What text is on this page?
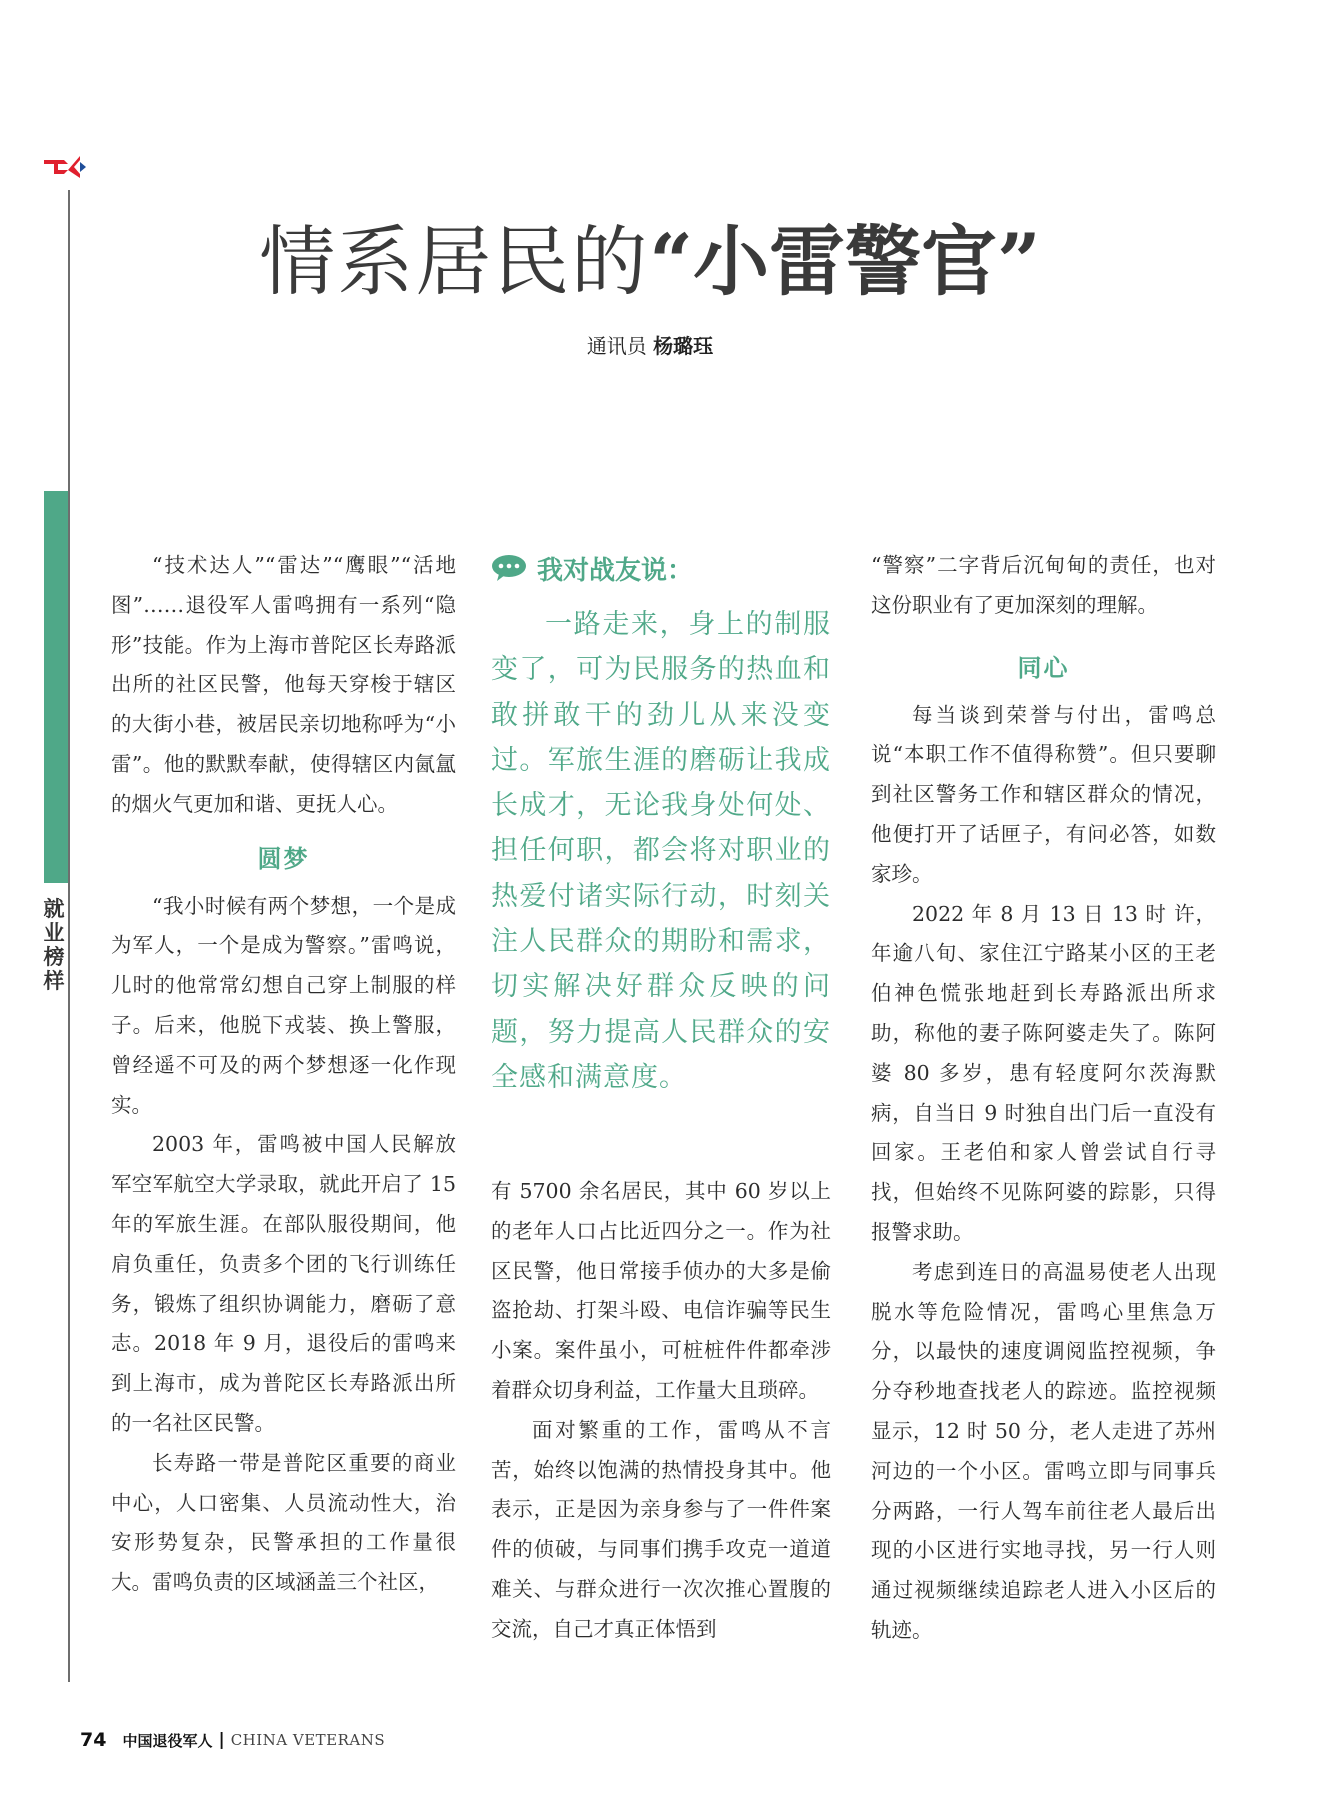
就
业
榜
样
情系居民的“小雷警官”
通讯员 杨璐珏

“技术达人”“雷达”“鹰眼”“活地图”……退役军人雷鸣拥有一系列“隐形”技能。作为上海市普陀区长寿路派出所的社区民警，他每天穿梭于辖区的大街小巷，被居民亲切地称呼为“小雷”。他的默默奉献，使得辖区内氤氲的烟火气更加和谐、更抚人心。

圆梦

“我小时候有两个梦想，一个是成为军人，一个是成为警察。”雷鸣说，儿时的他常常幻想自己穿上制服的样子。后来，他脱下戎装、换上警服，曾经遥不可及的两个梦想逐一化作现实。

2003 年，雷鸣被中国人民解放军空军航空大学录取，就此开启了 15 年的军旅生涯。在部队服役期间，他肩负重任，负责多个团的飞行训练任务，锻炼了组织协调能力，磨砺了意志。2018 年 9 月，退役后的雷鸣来到上海市，成为普陀区长寿路派出所的一名社区民警。

长寿路一带是普陀区重要的商业中心，人口密集、人员流动性大，治安形势复杂，民警承担的工作量很大。雷鸣负责的区域涵盖三个社区，

我对战友说：

一路走来，身上的制服变了，可为民服务的热血和敢拼敢干的劲儿从来没变过。军旅生涯的磨砺让我成长成才，无论我身处何处、担任何职，都会将对职业的热爱付诸实际行动，时刻关注人民群众的期盼和需求，切实解决好群众反映的问题，努力提高人民群众的安全感和满意度。

有 5700 余名居民，其中 60 岁以上的老年人口占比近四分之一。作为社区民警，他日常接手侦办的大多是偷盗抢劫、打架斗殴、电信诈骗等民生小案。案件虽小，可桩桩件件都牵涉着群众切身利益，工作量大且琐碎。

面对繁重的工作，雷鸣从不言苦，始终以饱满的热情投身其中。他表示，正是因为亲身参与了一件件案件的侦破，与同事们携手攻克一道道难关、与群众进行一次次推心置腹的交流，自己才真正体悟到

“警察”二字背后沉甸甸的责任，也对这份职业有了更加深刻的理解。

同心

每当谈到荣誉与付出，雷鸣总说“本职工作不值得称赞”。但只要聊到社区警务工作和辖区群众的情况，他便打开了话匣子，有问必答，如数家珍。

2022 年 8 月 13 日 13 时 许，年逾八旬、家住江宁路某小区的王老伯神色慌张地赶到长寿路派出所求助，称他的妻子陈阿婆走失了。陈阿婆 80 多岁，患有轻度阿尔茨海默病，自当日 9 时独自出门后一直没有回家。王老伯和家人曾尝试自行寻找，但始终不见陈阿婆的踪影，只得报警求助。

考虑到连日的高温易使老人出现脱水等危险情况，雷鸣心里焦急万分，以最快的速度调阅监控视频，争分夺秒地查找老人的踪迹。监控视频显示，12 时 50 分，老人走进了苏州河边的一个小区。雷鸣立即与同事兵分两路，一行人驾车前往老人最后出现的小区进行实地寻找，另一行人则通过视频继续追踪老人进入小区后的轨迹。

74 中国退役军人 | CHINA VETERANS
